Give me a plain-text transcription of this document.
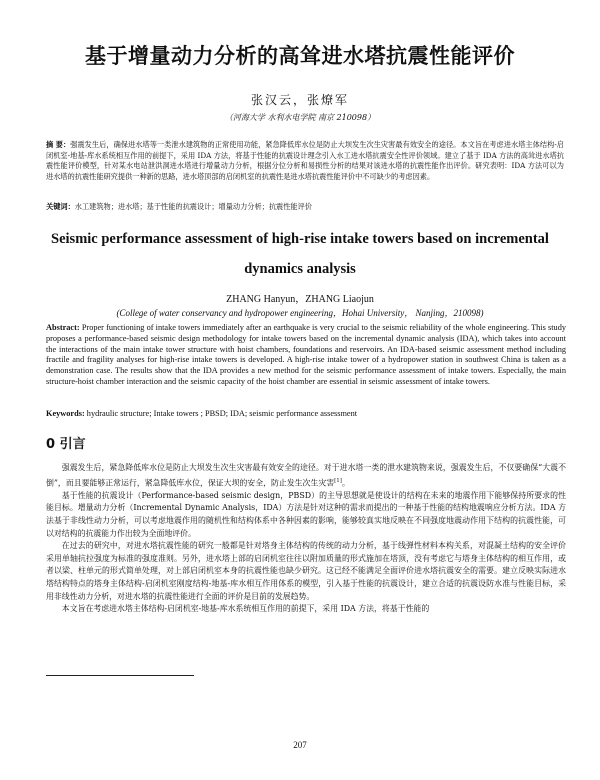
基于增量动力分析的高耸进水塔抗震性能评价
张汉云，张燎军
（河海大学 水利水电学院 南京 210098）
摘 要：强震发生后，确保进水塔等一类泄水建筑物的正常使用功能，紧急降低库水位是防止大坝发生次生灾害最有效安全的途径。本文旨在考虑进水塔主体结构-启闭机室-地基-库水系统相互作用的前提下，采用 IDA 方法，将基于性能的抗震设计理念引入水工进水塔抗震安全性评价领域。建立了基于 IDA 方法的高耸进水塔抗震性能评价模型，针对某水电站泄洪洞进水塔进行增量动力分析，根据分位分析和易损性分析的结果对该进水塔的抗震性能作出评价。研究表明：IDA 方法可以为进水塔的抗震性能研究提供一种新的思路，进水塔顶部的启闭机室的抗震性是进水塔抗震性能评价中不可缺少的考虑因素。
关键词：水工建筑物；进水塔；基于性能的抗震设计；增量动力分析；抗震性能评价
Seismic performance assessment of high-rise intake towers based on incremental dynamics analysis
ZHANG Hanyun，ZHANG Liaojun
(College of water conservancy and hydropower engineering，Hohai University， Nanjing，210098)
Abstract: Proper functioning of intake towers immediately after an earthquake is very crucial to the seismic reliability of the whole engineering. This study proposes a performance-based seismic design methodology for intake towers based on the incremental dynamic analysis (IDA), which takes into account the interactions of the main intake tower structure with hoist chambers, foundations and reservoirs. An IDA-based seismic assessment method including fractile and fragility analyses for high-rise intake towers is developed. A high-rise intake tower of a hydropower station in southwest China is taken as a demonstration case. The results show that the IDA provides a new method for the seismic performance assessment of intake towers. Especially, the main structure-hoist chamber interaction and the seismic capacity of the hoist chamber are essential in seismic assessment of intake towers.
Keywords: hydraulic structure; Intake towers ; PBSD; IDA; seismic performance assessment
0 引言

强震发生后，紧急降低库水位是防止大坝发生次生灾害最有效安全的途径。对于进水塔一类的泄水建筑物来说，强震发生后，不仅要确保“大震不倒”，而且要能够正常运行，紧急降低库水位，保证大坝的安全，防止发生次生灾害[1]。

基于性能的抗震设计（Performance-based seismic design，PBSD）的主导思想就是使设计的结构在未来的地震作用下能够保持所要求的性能目标。增量动力分析（Incremental Dynamic Analysis，IDA）方法是针对这种的需求而提出的一种基于性能的结构地震响应分析方法。IDA 方法基于非线性动力分析，可以考虑地震作用的随机性和结构体系中各种因素的影响，能够较真实地反映在不同强度地震动作用下结构的抗震性能，可以对结构的抗震能力作出较为全面地评价。

在过去的研究中，对进水塔抗震性能的研究一般都是针对塔身主体结构的传统的动力分析，基于线弹性材料本构关系，对混凝土结构的安全评价采用单轴抗拉强度为标准的强度准则。另外，进水塔上部的启闭机室往往以附加质量的形式施加在塔顶，没有考虑它与塔身主体结构的相互作用，或者以梁、柱单元的形式简单处理，对上部启闭机室本身的抗震性能也缺少研究。这已经不能满足全面评价进水塔抗震安全的需要。建立反映实际进水塔结构特点的塔身主体结构-启闭机室刚度结构-地基-库水相互作用体系的模型，引入基于性能的抗震设计，建立合适的抗震设防水准与性能目标，采用非线性动力分析，对进水塔的抗震性能进行全面的评价是目前的发展趋势。

本文旨在考虑进水塔主体结构-启闭机室-地基-库水系统相互作用的前提下，采用 IDA 方法，将基于性能的

207
